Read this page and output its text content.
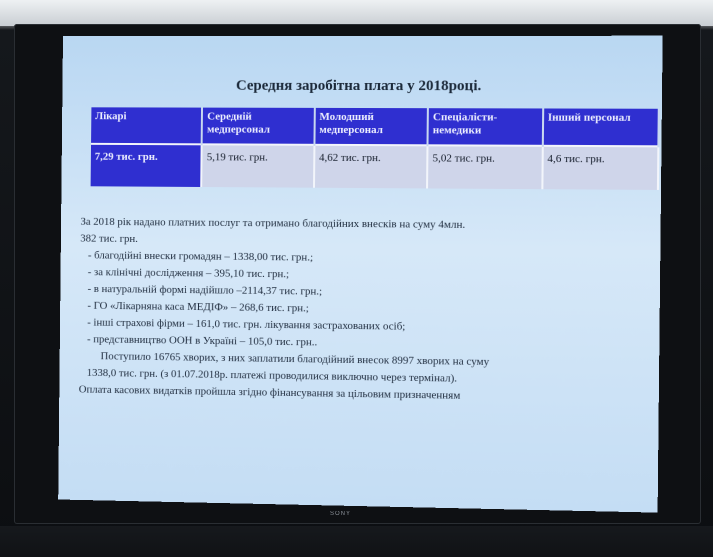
Середня заробітна плата у 2018році.
Лікарі	Середній медперсонал	Молодший медперсонал	Спеціалісти-немедики	Інший персонал
7,29 тис. грн.	5,19 тис. грн.	4,62 тис. грн.	5,02 тис. грн.	4,6 тис. грн.
За 2018 рік надано платних послуг та отримано благодійних внесків на суму 4млн.
382 тис. грн.
- благодійні внески громадян – 1338,00 тис. грн.;
- за клінічні дослідження – 395,10 тис. грн.;
- в натуральній формі надійшло –2114,37 тис. грн.;
- ГО «Лікарняна каса МЕДІФ» – 268,6 тис. грн.;
- інші страхові фірми – 161,0 тис. грн. лікування застрахованих осіб;
- представництво ООН в Україні – 105,0 тис. грн..
Поступило 16765 хворих, з них заплатили благодійний внесок 8997 хворих на суму
1338,0 тис. грн. (з 01.07.2018р. платежі проводилися виключно через термінал).
Оплата касових видатків пройшла згідно фінансування за цільовим призначенням
SONY
